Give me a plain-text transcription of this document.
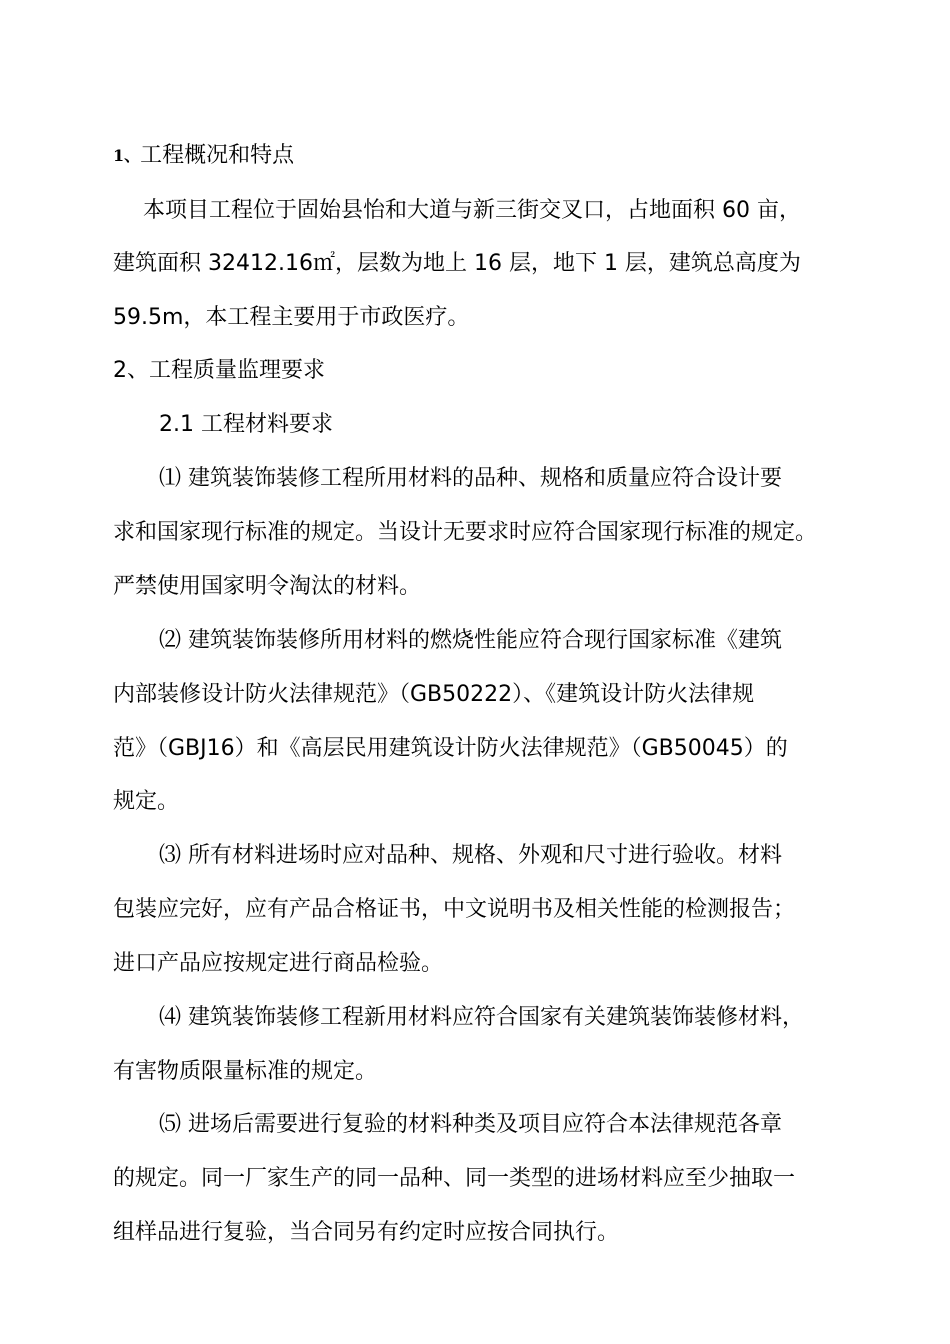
1、工程概况和特点
本项目工程位于固始县怡和大道与新三街交叉口，占地面积 60 亩，
建筑面积 32412.16㎡，层数为地上 16 层，地下 1 层，建筑总高度为
59.5m，本工程主要用于市政医疗。
2、工程质量监理要求
2.1 工程材料要求
⑴ 建筑装饰装修工程所用材料的品种、规格和质量应符合设计要
求和国家现行标准的规定。当设计无要求时应符合国家现行标准的规定。
严禁使用国家明令淘汰的材料。
⑵ 建筑装饰装修所用材料的燃烧性能应符合现行国家标准《建筑
内部装修设计防火法律规范》（GB50222）、《建筑设计防火法律规
范》（GBJ16）和《高层民用建筑设计防火法律规范》（GB50045）的
规定。
⑶ 所有材料进场时应对品种、规格、外观和尺寸进行验收。材料
包装应完好，应有产品合格证书，中文说明书及相关性能的检测报告；
进口产品应按规定进行商品检验。
⑷ 建筑装饰装修工程新用材料应符合国家有关建筑装饰装修材料，
有害物质限量标准的规定。
⑸ 进场后需要进行复验的材料种类及项目应符合本法律规范各章
的规定。同一厂家生产的同一品种、同一类型的进场材料应至少抽取一
组样品进行复验，当合同另有约定时应按合同执行。
